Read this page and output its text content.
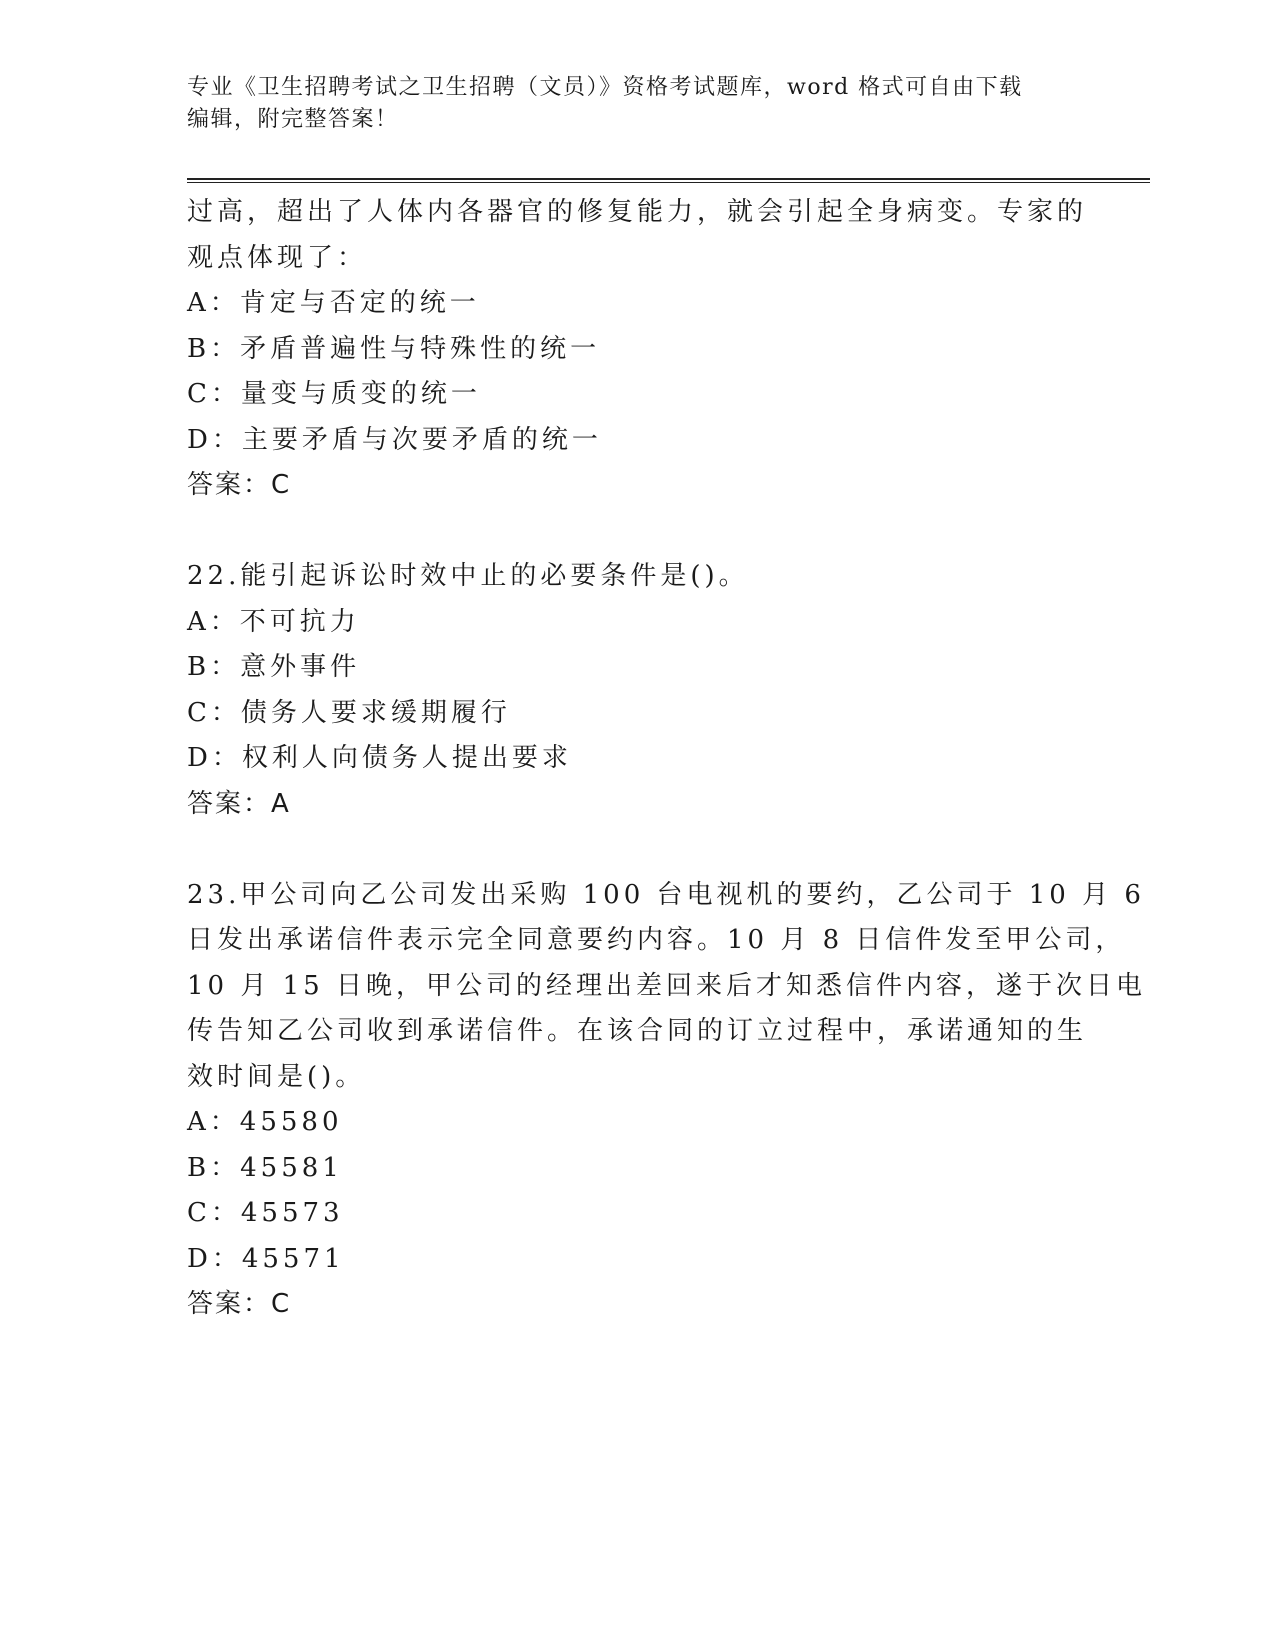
专业《卫生招聘考试之卫生招聘（文员）》资格考试题库，word 格式可自由下载
编辑，附完整答案！
过高，超出了人体内各器官的修复能力，就会引起全身病变。专家的
观点体现了：
A：肯定与否定的统一
B：矛盾普遍性与特殊性的统一
C：量变与质变的统一
D：主要矛盾与次要矛盾的统一
答案：C
22.能引起诉讼时效中止的必要条件是()。
A：不可抗力
B：意外事件
C：债务人要求缓期履行
D：权利人向债务人提出要求
答案：A
23.甲公司向乙公司发出采购 100 台电视机的要约，乙公司于 10 月 6
日发出承诺信件表示完全同意要约内容。10 月 8 日信件发至甲公司，
10 月 15 日晚，甲公司的经理出差回来后才知悉信件内容，遂于次日电
传告知乙公司收到承诺信件。在该合同的订立过程中，承诺通知的生
效时间是()。
A：45580
B：45581
C：45573
D：45571
答案：C
